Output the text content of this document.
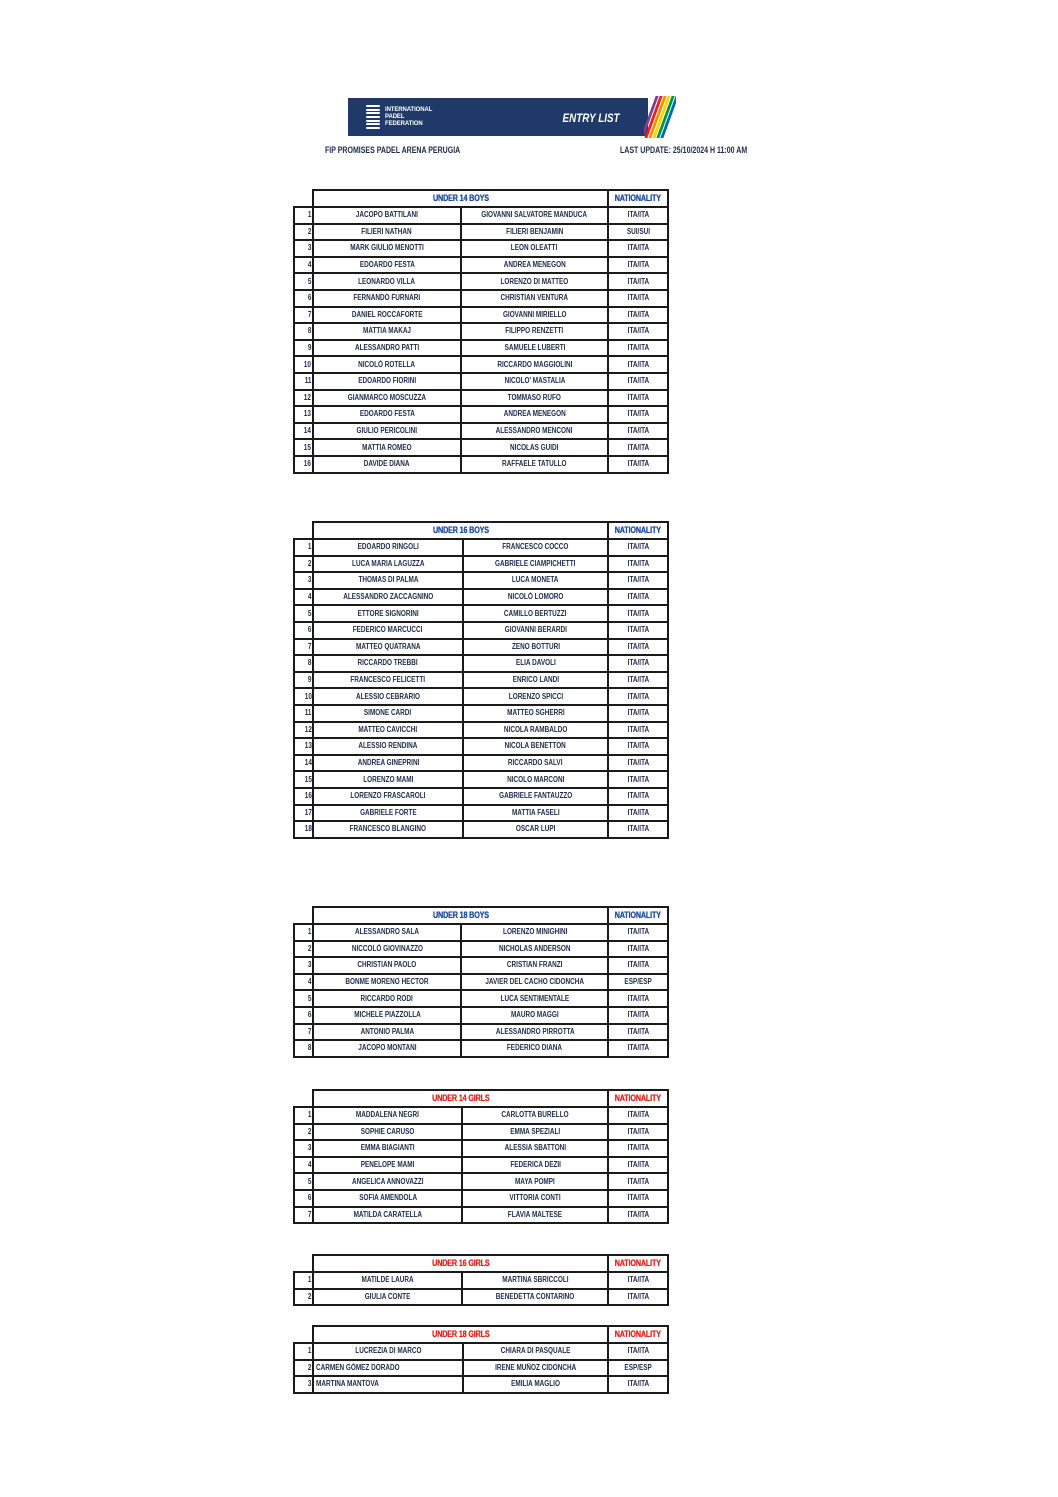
INTERNATIONAL
PADEL
FEDERATION	ENTRY LIST
FIP PROMISES PADEL ARENA PERUGIA	LAST UPDATE: 25/10/2024 H 11:00 AM
	UNDER 14 BOYS		NATIONALITY
1	JACOPO BATTILANI	GIOVANNI SALVATORE MANDUCA	ITA/ITA
2	FILIERI NATHAN	FILIERI BENJAMIN	SUI/SUI
3	MARK GIULIO MENOTTI	LEON OLEATTI	ITA/ITA
4	EDOARDO FESTA	ANDREA MENEGON	ITA/ITA
5	LEONARDO VILLA	LORENZO DI MATTEO	ITA/ITA
6	FERNANDO FURNARI	CHRISTIAN VENTURA	ITA/ITA
7	DANIEL ROCCAFORTE	GIOVANNI MIRIELLO	ITA/ITA
8	MATTIA MAKAJ	FILIPPO RENZETTI	ITA/ITA
9	ALESSANDRO PATTI	SAMUELE LUBERTI	ITA/ITA
10	NICOLÒ ROTELLA	RICCARDO MAGGIOLINI	ITA/ITA
11	EDOARDO FIORINI	NICOLO' MASTALIA	ITA/ITA
12	GIANMARCO MOSCUZZA	TOMMASO RUFO	ITA/ITA
13	EDOARDO FESTA	ANDREA MENEGON	ITA/ITA
14	GIULIO PERICOLINI	ALESSANDRO MENCONI	ITA/ITA
15	MATTIA ROMEO	NICOLAS GUIDI	ITA/ITA
16	DAVIDE DIANA	RAFFAELE TATULLO	ITA/ITA
	UNDER 16 BOYS		NATIONALITY
1	EDOARDO RINGOLI	FRANCESCO COCCO	ITA/ITA
2	LUCA MARIA LAGUZZA	GABRIELE CIAMPICHETTI	ITA/ITA
3	THOMAS DI PALMA	LUCA MONETA	ITA/ITA
4	ALESSANDRO ZACCAGNINO	NICOLÒ LOMORO	ITA/ITA
5	ETTORE SIGNORINI	CAMILLO BERTUZZI	ITA/ITA
6	FEDERICO MARCUCCI	GIOVANNI BERARDI	ITA/ITA
7	MATTEO QUATRANA	ZENO BOTTURI	ITA/ITA
8	RICCARDO TREBBI	ELIA DAVOLI	ITA/ITA
9	FRANCESCO FELICETTI	ENRICO LANDI	ITA/ITA
10	ALESSIO CEBRARIO	LORENZO SPICCI	ITA/ITA
11	SIMONE CARDI	MATTEO SGHERRI	ITA/ITA
12	MATTEO CAVICCHI	NICOLA RAMBALDO	ITA/ITA
13	ALESSIO RENDINA	NICOLA BENETTON	ITA/ITA
14	ANDREA GINEPRINI	RICCARDO SALVI	ITA/ITA
15	LORENZO MAMI	NICOLO MARCONI	ITA/ITA
16	LORENZO FRASCAROLI	GABRIELE FANTAUZZO	ITA/ITA
17	GABRIELE FORTE	MATTIA FASELI	ITA/ITA
18	FRANCESCO BLANGINO	OSCAR LUPI	ITA/ITA
	UNDER 18 BOYS		NATIONALITY
1	ALESSANDRO SALA	LORENZO MINIGHINI	ITA/ITA
2	NICCOLÒ GIOVINAZZO	NICHOLAS ANDERSON	ITA/ITA
3	CHRISTIAN PAOLO	CRISTIAN FRANZI	ITA/ITA
4	BONME MORENO HECTOR	JAVIER DEL CACHO CIDONCHA	ESP/ESP
5	RICCARDO RODI	LUCA SENTIMENTALE	ITA/ITA
6	MICHELE PIAZZOLLA	MAURO MAGGI	ITA/ITA
7	ANTONIO PALMA	ALESSANDRO PIRROTTA	ITA/ITA
8	JACOPO MONTANI	FEDERICO DIANA	ITA/ITA
	UNDER 14 GIRLS		NATIONALITY
1	MADDALENA NEGRI	CARLOTTA BURELLO	ITA/ITA
2	SOPHIE CARUSO	EMMA SPEZIALI	ITA/ITA
3	EMMA BIAGIANTI	ALESSIA SBATTONI	ITA/ITA
4	PENELOPE MAMI	FEDERICA DEZII	ITA/ITA
5	ANGELICA ANNOVAZZI	MAYA POMPI	ITA/ITA
6	SOFIA AMENDOLA	VITTORIA CONTI	ITA/ITA
7	MATILDA CARATELLA	FLAVIA MALTESE	ITA/ITA
	UNDER 16 GIRLS		NATIONALITY
1	MATILDE LAURA	MARTINA SBRICCOLI	ITA/ITA
2	GIULIA CONTE	BENEDETTA CONTARINO	ITA/ITA
	UNDER 18 GIRLS		NATIONALITY
1	LUCREZIA DI MARCO	CHIARA DI PASQUALE	ITA/ITA
2	CARMEN GÓMEZ DORADO	IRENE MUÑOZ CIDONCHA	ESP/ESP
3	MARTINA MANTOVA	EMILIA MAGLIO	ITA/ITA
